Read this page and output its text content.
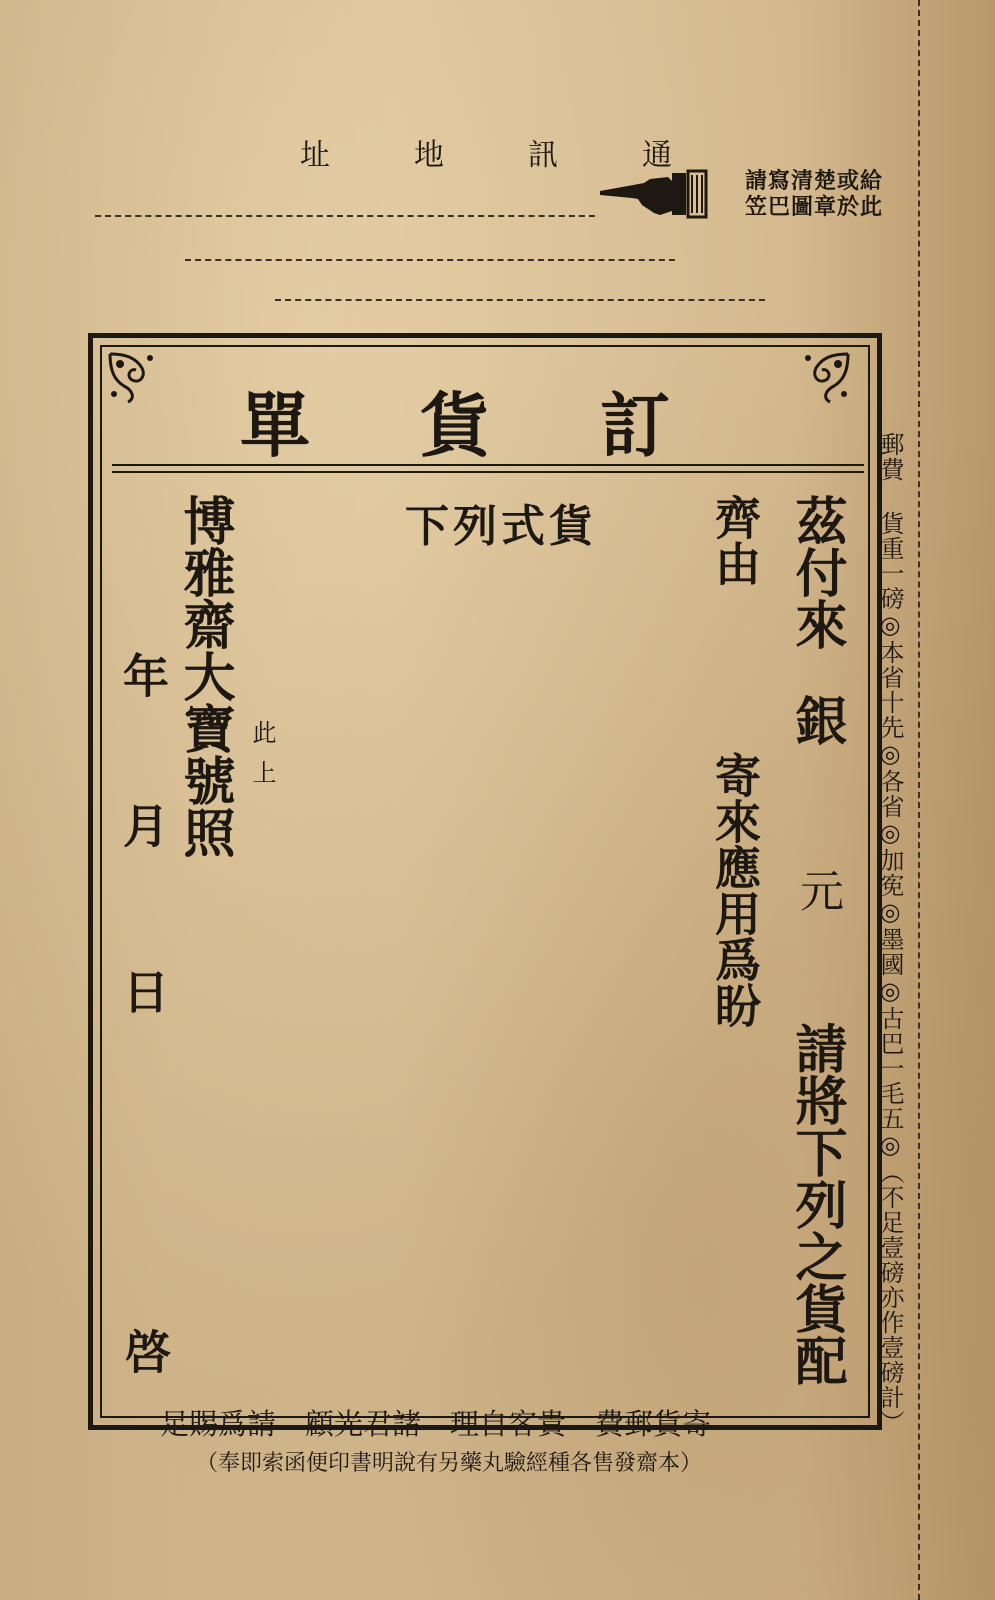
址地訊通
請寫清楚或給
笠巴圖章於此
單貨訂
茲付來
銀
元
請將下列之貨配
齊由
寄來應用爲盼
下列式貨
博雅齋大寶號照 此
上
年
月
日
啓	郵費 貨重一磅◎本省十先◎各省◎加𡨚◎墨國◎古巴一毛五◎（不足壹磅亦作壹磅計）
足賜爲請　顧光君諸　理自客貴　費郵貨寄
（奉即索函便印書明說有另藥丸驗經種各售發齋本）
